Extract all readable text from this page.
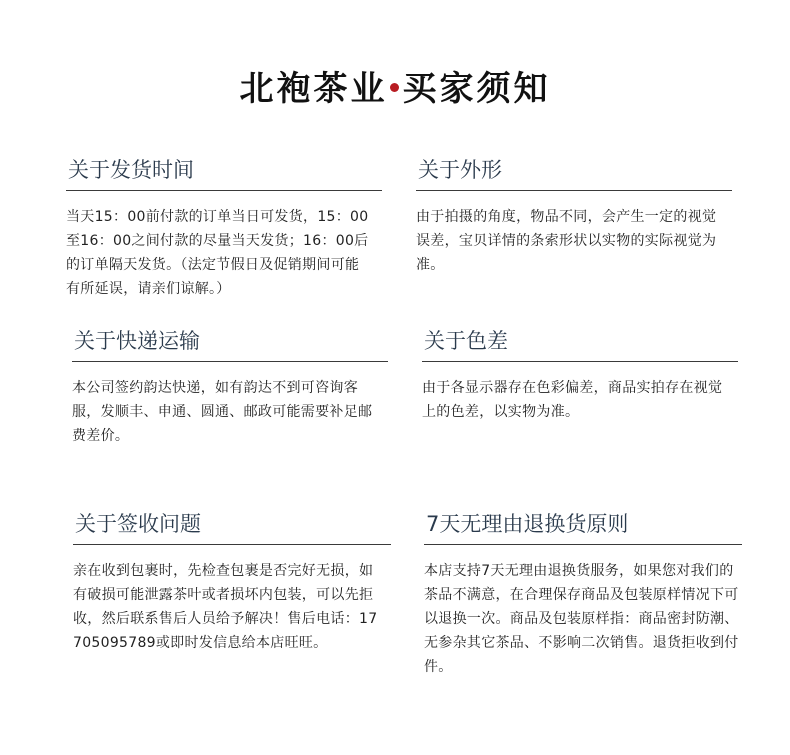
北袍茶业 买家须知
关于发货时间
当天15：00前付款的订单当日可发货，15：00至16：00之间付款的尽量当天发货；16：00后的订单隔天发货。（法定节假日及促销期间可能有所延误，请亲们谅解。）
关于外形
由于拍摄的角度，物品不同，会产生一定的视觉误差，宝贝详情的条索形状以实物的实际视觉为准。
关于快递运输
本公司签约韵达快递，如有韵达不到可咨询客服，发顺丰、申通、圆通、邮政可能需要补足邮费差价。
关于色差
由于各显示器存在色彩偏差，商品实拍存在视觉上的色差，以实物为准。
关于签收问题
亲在收到包裹时，先检查包裹是否完好无损，如有破损可能泄露茶叶或者损坏内包装，可以先拒收，然后联系售后人员给予解决！售后电话：17705095789或即时发信息给本店旺旺。
7天无理由退换货原则
本店支持7天无理由退换货服务，如果您对我们的茶品不满意，在合理保存商品及包装原样情况下可以退换一次。商品及包装原样指：商品密封防潮、无参杂其它茶品、不影响二次销售。退货拒收到付件。
